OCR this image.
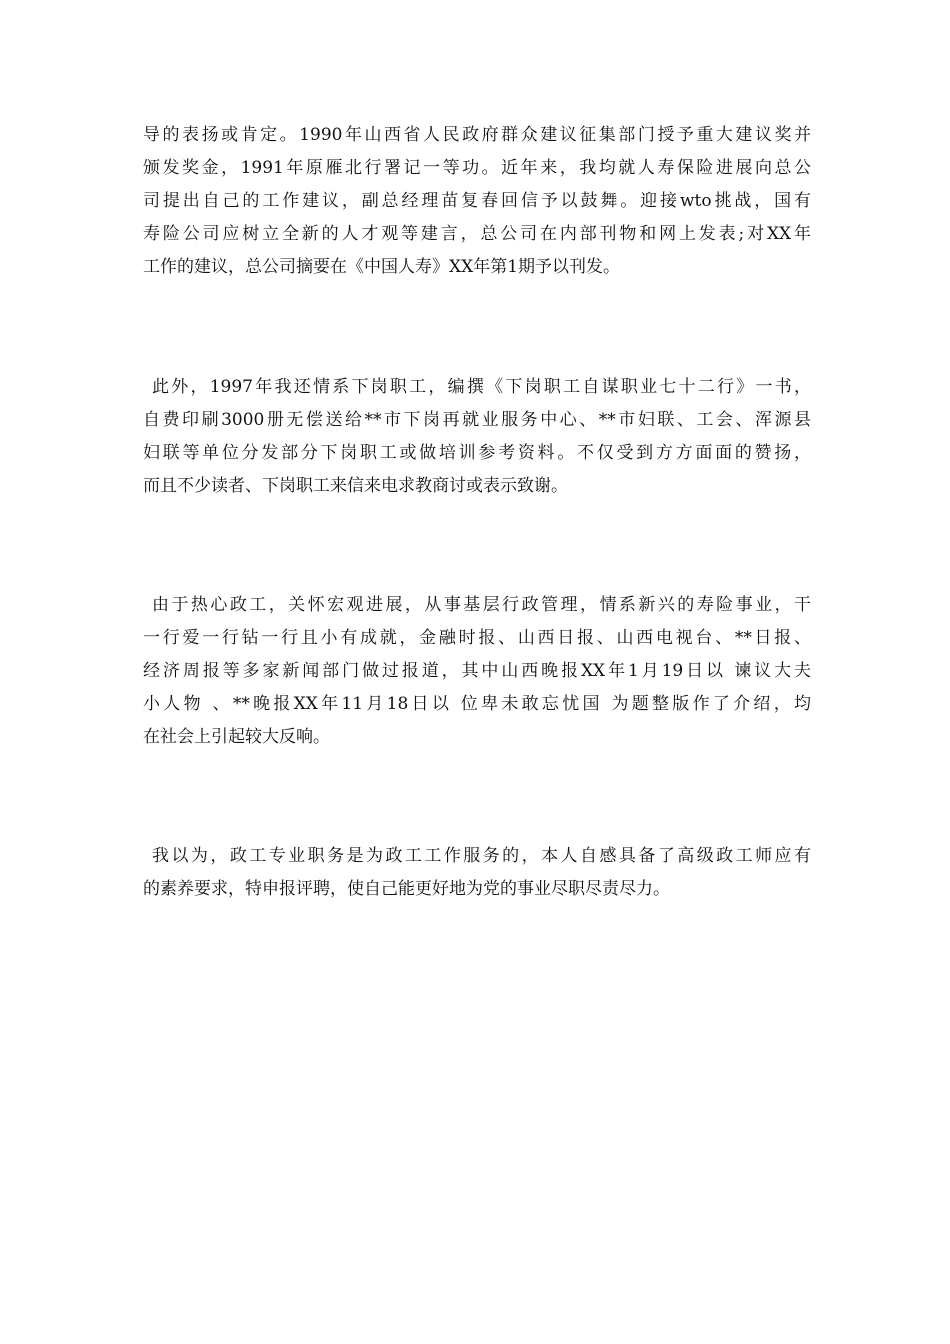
导的表扬或肯定。1990年山西省人民政府群众建议征集部门授予重大建议奖并
颁发奖金，1991年原雁北行署记一等功。近年来，我均就人寿保险进展向总公
司提出自己的工作建议，副总经理苗复春回信予以鼓舞。迎接wto挑战，国有
寿险公司应树立全新的人才观等建言，总公司在内部刊物和网上发表;对XX年
工作的建议，总公司摘要在《中国人寿》XX年第1期予以刊发。
此外，1997年我还情系下岗职工，编撰《下岗职工自谋职业七十二行》一书，
自费印刷3000册无偿送给**市下岗再就业服务中心、**市妇联、工会、浑源县
妇联等单位分发部分下岗职工或做培训参考资料。不仅受到方方面面的赞扬，
而且不少读者、下岗职工来信来电求教商讨或表示致谢。
由于热心政工，关怀宏观进展，从事基层行政管理，情系新兴的寿险事业，干
一行爱一行钻一行且小有成就，金融时报、山西日报、山西电视台、**日报、
经济周报等多家新闻部门做过报道，其中山西晚报XX年1月19日以 谏议大夫
小人物 、**晚报XX年11月18日以 位卑未敢忘忧国 为题整版作了介绍，均
在社会上引起较大反响。
我以为，政工专业职务是为政工工作服务的，本人自感具备了高级政工师应有
的素养要求，特申报评聘，使自己能更好地为党的事业尽职尽责尽力。
